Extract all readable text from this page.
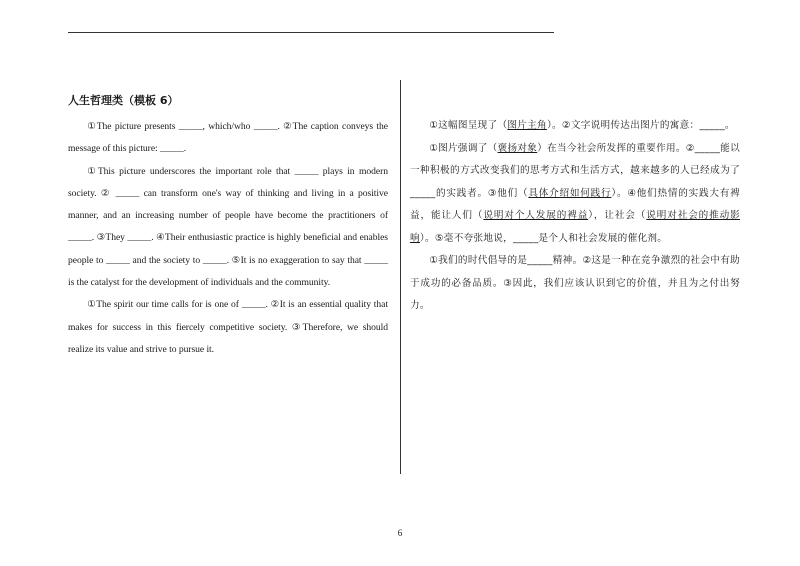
人生哲理类（模板 6）

①The picture presents _____, which/who _____. ②The caption conveys the message of this picture: _____.

①This picture underscores the important role that _____ plays in modern society. ② _____ can transform one's way of thinking and living in a positive manner, and an increasing number of people have become the practitioners of _____. ③They _____. ④Their enthusiastic practice is highly beneficial and enables people to _____ and the society to _____. ⑤It is no exaggeration to say that _____ is the catalyst for the development of individuals and the community.

①The spirit our time calls for is one of _____. ②It is an essential quality that makes for success in this fiercely competitive society. ③Therefore, we should realize its value and strive to pursue it.

①这幅图呈现了（图片主角）。②文字说明传达出图片的寓意：_____。

①图片强调了（褒扬对象）在当今社会所发挥的重要作用。②_____能以一种积极的方式改变我们的思考方式和生活方式，越来越多的人已经成为了_____的实践者。③他们（具体介绍如何践行）。④他们热情的实践大有裨益，能让人们（说明对个人发展的裨益），让社会（说明对社会的推动影响）。⑤毫不夸张地说，_____是个人和社会发展的催化剂。

①我们的时代倡导的是_____精神。②这是一种在竞争激烈的社会中有助于成功的必备品质。③因此，我们应该认识到它的价值，并且为之付出努力。

6
